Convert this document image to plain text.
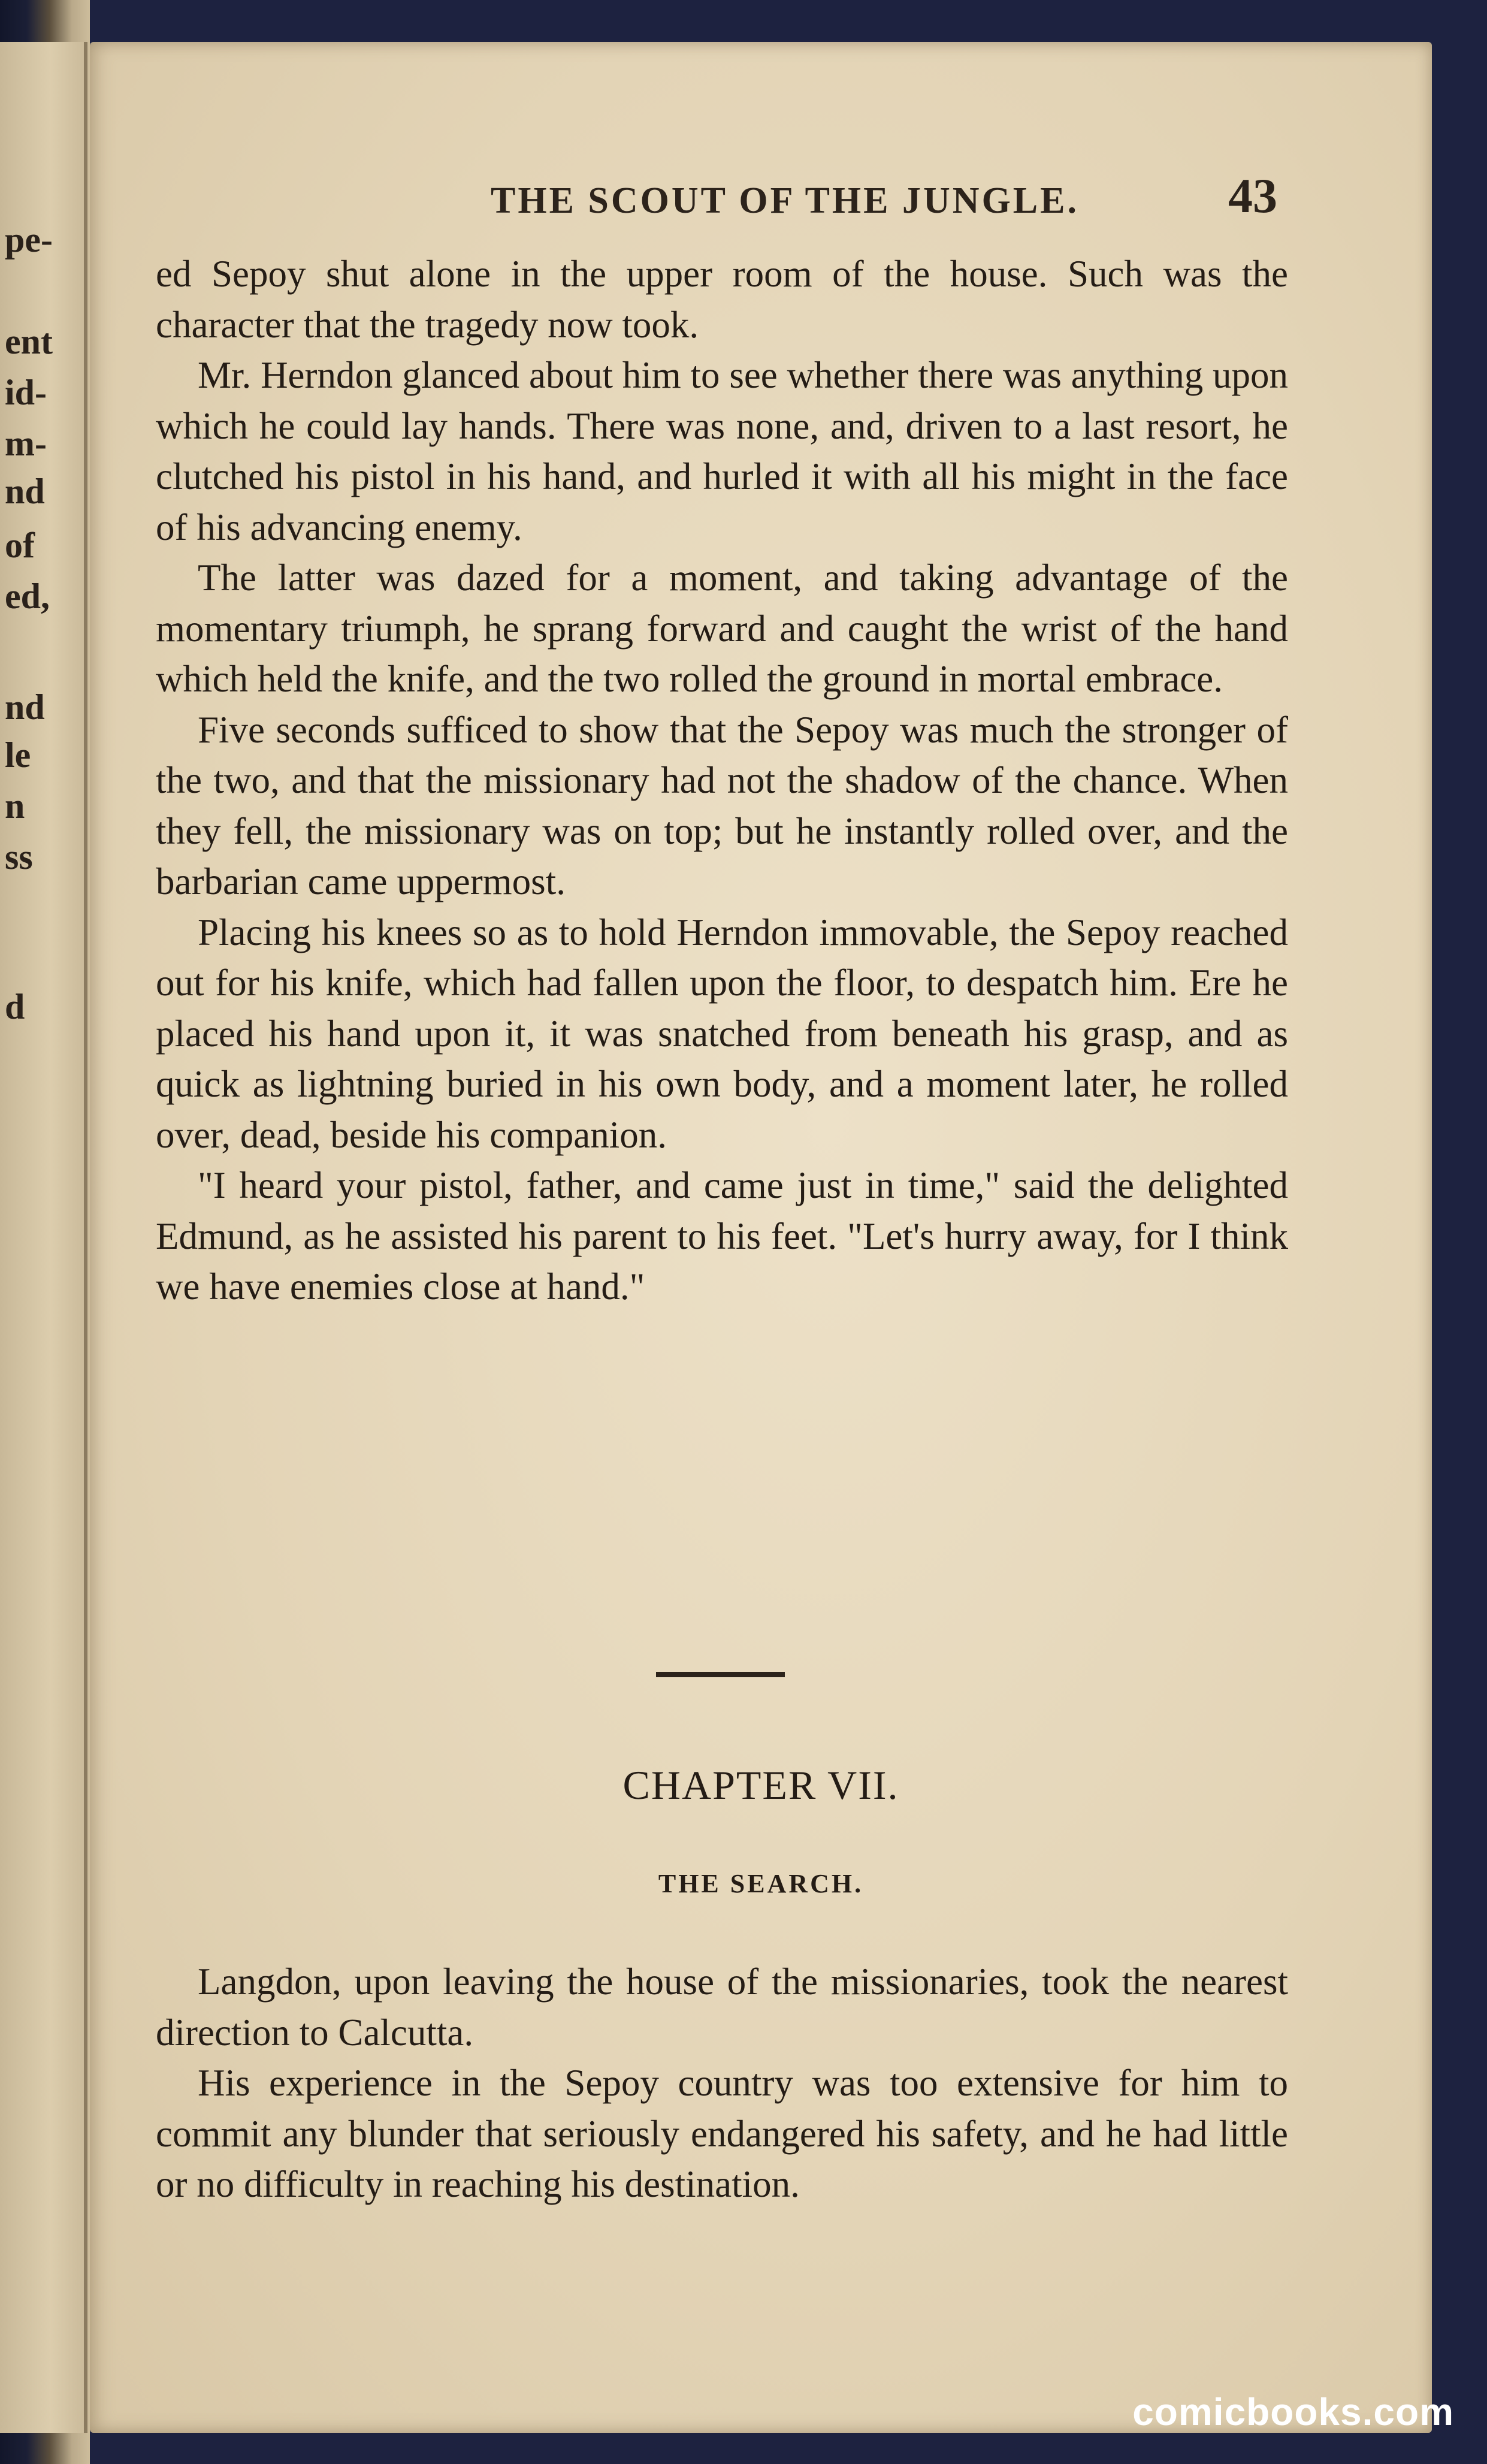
pe-
ent
id-
m-
nd
of
ed,
nd
le
n
ss
d
THE SCOUT OF THE JUNGLE.	43

ed Sepoy shut alone in the upper room of the house. Such was the character that the tragedy now took.

Mr. Herndon glanced about him to see whether there was anything upon which he could lay hands. There was none, and, driven to a last resort, he clutched his pistol in his hand, and hurled it with all his might in the face of his advancing enemy.

The latter was dazed for a moment, and taking advantage of the momentary triumph, he sprang forward and caught the wrist of the hand which held the knife, and the two rolled the ground in mortal embrace.

Five seconds sufficed to show that the Sepoy was much the stronger of the two, and that the missionary had not the shadow of the chance. When they fell, the missionary was on top; but he instantly rolled over, and the barbarian came uppermost.

Placing his knees so as to hold Herndon immovable, the Sepoy reached out for his knife, which had fallen upon the floor, to despatch him. Ere he placed his hand upon it, it was snatched from beneath his grasp, and as quick as lightning buried in his own body, and a moment later, he rolled over, dead, beside his companion.

"I heard your pistol, father, and came just in time," said the delighted Edmund, as he assisted his parent to his feet. "Let's hurry away, for I think we have enemies close at hand."

CHAPTER VII.
THE SEARCH.

Langdon, upon leaving the house of the missionaries, took the nearest direction to Calcutta.

His experience in the Sepoy country was too extensive for him to commit any blunder that seriously endangered his safety, and he had little or no difficulty in reaching his destination.

comicbooks.com
